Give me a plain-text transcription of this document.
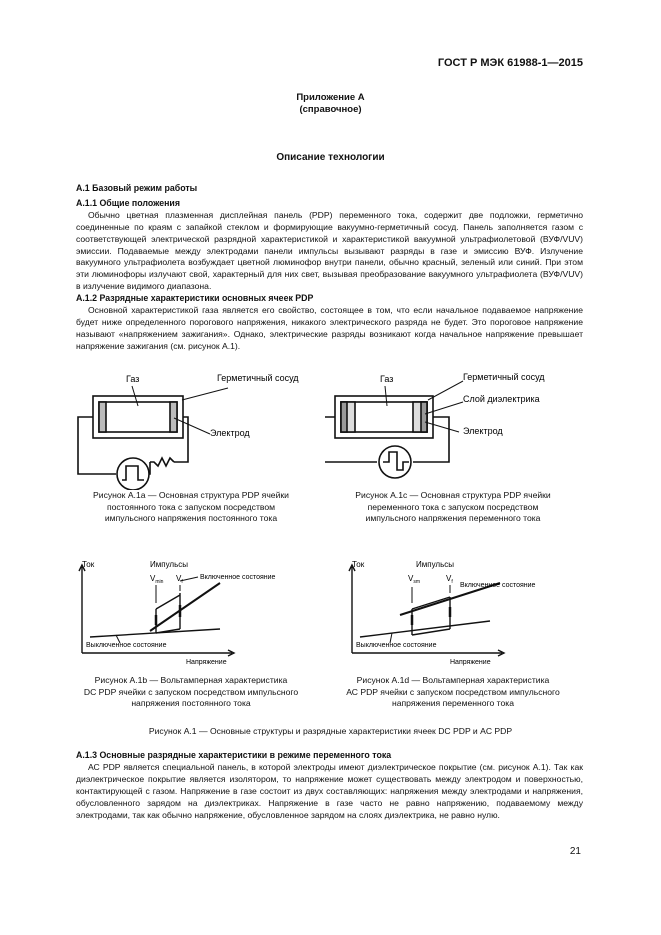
ГОСТ Р МЭК 61988-1—2015
Приложение А
(справочное)
Описание технологии

А.1 Базовый режим работы

А.1.1 Общие положения

Обычно цветная плазменная дисплейная панель (PDP) переменного тока, содержит две подложки, герметично соединенные по краям с запайкой стеклом и формирующие вакуумно-герметичный сосуд. Панель заполняется газом с соответствующей электрической разрядной характеристикой и характеристикой вакуумной ультрафиолетовой (ВУФ/VUV) эмиссии. Подаваемые между электродами панели импульсы вызывают разряды в газе и эмиссию ВУФ. Излучение вакуумного ультрафиолета возбуждает цветной люминофор внутри панели, обычно красный, зеленый или синий. При этом эти люминофоры излучают свой, характерный для них свет, вызывая преобразование вакуумного ультрафиолета (ВУФ/VUV) в излучение видимого диапазона.

А.1.2 Разрядные характеристики основных ячеек PDP

Основной характеристикой газа является его свойство, состоящее в том, что если начальное подаваемое напряжение будет ниже определенного порогового напряжения, никакого электрического разряда не будет. Это пороговое напряжение называют «напряжением зажигания». Однако, электрические разряды возникают когда начальное напряжение превышает напряжение зажигания (см. рисунок А.1).

Газ	Герметичный сосуд
Электрод
Газ	Герметичный сосуд
Слой диэлектрика
Электрод
Рисунок А.1а — Основная структура PDP ячейки
постоянного тока с запуском посредством
импульсного напряжения постоянного тока
Рисунок А.1с — Основная структура PDP ячейки
переменного тока с запуском посредством
импульсного напряжения переменного тока
Ток	Импульсы
$V_{min}$ $V_f$
Включенное состояние
Выключенное состояние
Напряжение
Ток	Импульсы
$V_{sm}$	$V_f$ Включенное состояние
Выключенное состояние
Напряжение
Рисунок А.1b — Вольтамперная характеристика
DC PDP ячейки с запуском посредством импульсного
напряжения постоянного тока
Рисунок А.1d — Вольтамперная характеристика
АС PDP ячейки с запуском посредством импульсного
напряжения переменного тока
Рисунок А.1 — Основные структуры и разрядные характеристики ячеек DC PDP и AC PDP

А.1.3 Основные разрядные характеристики в режиме переменного тока

АС PDP является специальной панель, в которой электроды имеют диэлектрическое покрытие (см. рисунок А.1). Так как диэлектрическое покрытие является изолятором, то напряжение может существовать между электродом и поверхностью, контактирующей с газом. Напряжение в газе состоит из двух составляющих: напряжения между электродами и напряжения, обусловленного зарядом на диэлектриках. Напряжение в газе часто не равно напряжению, подаваемому между электродами, так как обычно напряжение, обусловленное зарядом на слоях диэлектрика, не равно нулю.

21
